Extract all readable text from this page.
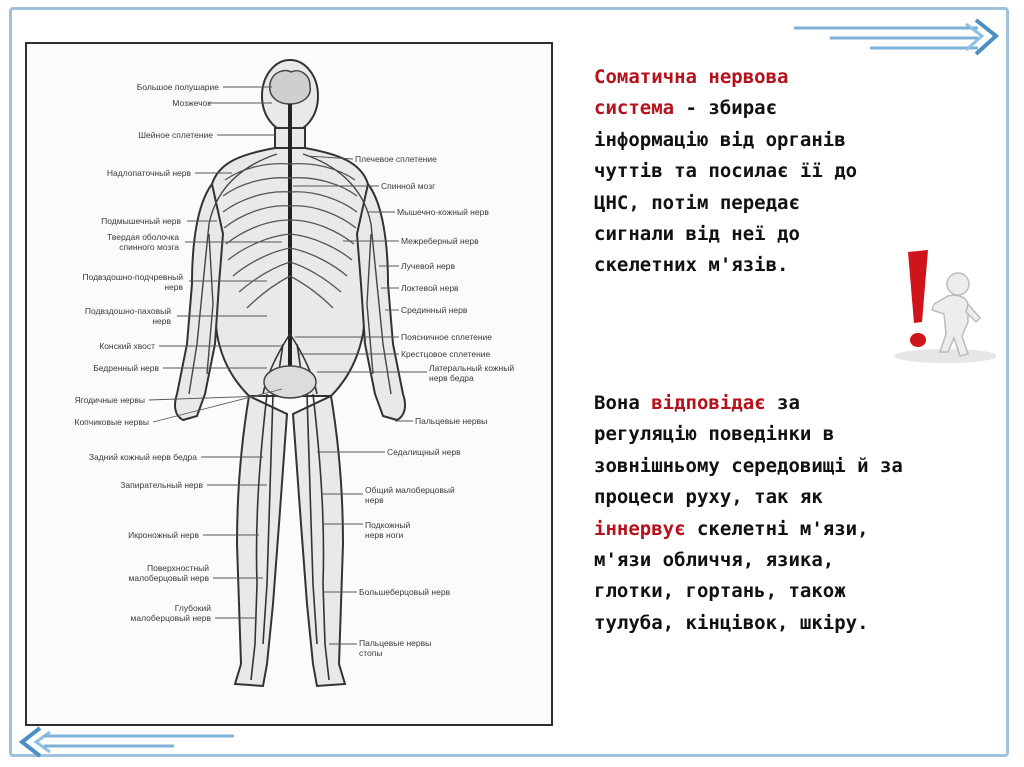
Большое полушарие
Мозжечок
Шейное сплетение
Надлопаточный нерв
Подмышечный нерв
Твердая оболочка
спинного мозга
Подвздошно-подчревный
нерв
Подвздошно-паховый
нерв
Конский хвост
Бедренный нерв
Ягодичные нервы
Копчиковые нервы
Задний кожный нерв бедра
Запирательный нерв
Икроножный нерв
Поверхностный
малоберцовый нерв
Глубокий
малоберцовый нерв
Плечевое сплетение
Спинной мозг
Мышечно-кожный нерв
Межреберный нерв
Лучевой нерв
Локтевой нерв
Срединный нерв
Поясничное сплетение
Крестцовое сплетение
Латеральный кожный
нерв бедра
Пальцевые нервы
Седалищный нерв
Общий малоберцовый
нерв
Подкожный
нерв ноги
Большеберцовый нерв
Пальцевые нервы
стопы
Соматична нервова
система - збирає
інформацію від органів
чуттів та посилає її до
ЦНС, потім передає
сигнали від неї до
скелетних м'язів.
Вона відповідає за
регуляцію поведінки в
зовнішньому середовищі й за
процеси руху, так як
іннервує скелетні м'язи,
м'язи обличчя, язика,
глотки, гортань, також
тулуба, кінцівок, шкіру.
